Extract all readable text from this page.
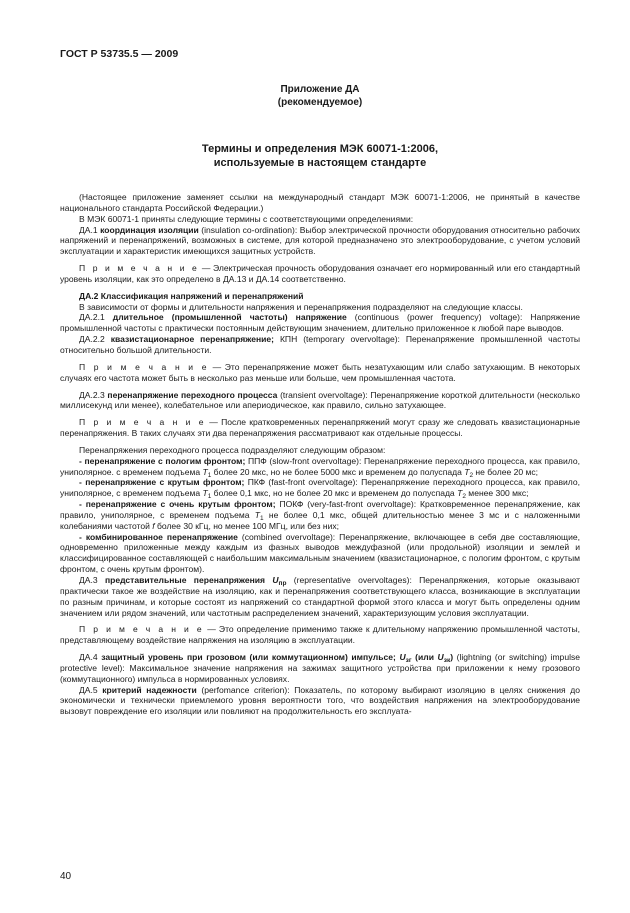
ГОСТ Р 53735.5 — 2009
Приложение ДА
(рекомендуемое)
Термины и определения МЭК 60071-1:2006,
используемые в настоящем стандарте

(Настоящее приложение заменяет ссылки на международный стандарт МЭК 60071-1:2006, не принятый в качестве национального стандарта Российской Федерации.)

В МЭК 60071-1 приняты следующие термины с соответствующими определениями:

ДА.1 координация изоляции (insulation co-ordination): Выбор электрической прочности оборудования относительно рабочих напряжений и перенапряжений, возможных в системе, для которой предназначено это электрооборудование, с учетом условий эксплуатации и характеристик имеющихся защитных устройств.

П р и м е ч а н и е — Электрическая прочность оборудования означает его нормированный или его стандартный уровень изоляции, как это определено в ДА.13 и ДА.14 соответственно.

ДА.2 Классификация напряжений и перенапряжений

В зависимости от формы и длительности напряжения и перенапряжения подразделяют на следующие классы.

ДА.2.1 длительное (промышленной частоты) напряжение (continuous (power frequency) voltage): Напряжение промышленной частоты с практически постоянным действующим значением, длительно приложенное к любой паре выводов.

ДА.2.2 квазистационарное перенапряжение; КПН (temporary overvoltage): Перенапряжение промышленной частоты относительно большой длительности.

П р и м е ч а н и е — Это перенапряжение может быть незатухающим или слабо затухающим. В некоторых случаях его частота может быть в несколько раз меньше или больше, чем промышленная частота.

ДА.2.3 перенапряжение переходного процесса (transient overvoltage): Перенапряжение короткой длительности (несколько миллисекунд или менее), колебательное или апериодическое, как правило, сильно затухающее.

П р и м е ч а н и е — После кратковременных перенапряжений могут сразу же следовать квазистационарные перенапряжения. В таких случаях эти два перенапряжения рассматривают как отдельные процессы.

Перенапряжения переходного процесса подразделяют следующим образом:

- перенапряжение с пологим фронтом; ППФ (slow-front overvoltage): Перенапряжение переходного процесса, как правило, униполярное. с временем подъема $T_1$ более 20 мкс, но не более 5000 мкс и временем до полуспада $T_2$ не более 20 мс;

- перенапряжение с крутым фронтом; ПКФ (fast-front overvoltage): Перенапряжение переходного процесса, как правило, униполярное, с временем подъема $T_1$ более 0,1 мкс, но не более 20 мкс и временем до полуспада $T_2$ менее 300 мкс;

- перенапряжение с очень крутым фронтом; ПОКФ (very-fast-front overvoltage): Кратковременное перенапряжение, как правило, униполярное, с временем подъема $T_1$ не более 0,1 мкс, общей длительностью менее 3 мс и с наложенными колебаниями частотой f более 30 кГц, но менее 100 МГц, или без них;

- комбинированное перенапряжение (combined overvoltage): Перенапряжение, включающее в себя две составляющие, одновременно приложенные между каждым из фазных выводов междуфазной (или продольной) изоляции и землей и классифицированное составляющей с наибольшим максимальным значением (квазистационарное, с пологим фронтом, с крутым фронтом, с очень крутым фронтом).

ДА.3 представительные перенапряжения $U_{пр}$ (representative overvoltages): Перенапряжения, которые оказывают практически такое же воздействие на изоляцию, как и перенапряжения соответствующего класса, возникающие в эксплуатации по разным причинам, и которые состоят из напряжений со стандартной формой этого класса и могут быть определены одним значением или рядом значений, или частотным распределением значений, характеризующим условия эксплуатации.

П р и м е ч а н и е — Это определение применимо также к длительному напряжению промышленной частоты, представляющему воздействие напряжения на изоляцию в эксплуатации.

ДА.4 защитный уровень при грозовом (или коммутационном) импульсе; $U_{зг}$ (или $U_{зк}$) (lightning (or switching) impulse protective level): Максимальное значение напряжения на зажимах защитного устройства при приложении к нему грозового (коммутационного) импульса в нормированных условиях.

ДА.5 критерий надежности (perfomance criterion): Показатель, по которому выбирают изоляцию в целях снижения до экономически и технически приемлемого уровня вероятности того, что воздействия напряжения на электрооборудование вызовут повреждение его изоляции или повлияют на продолжительность его эксплуата-

40
